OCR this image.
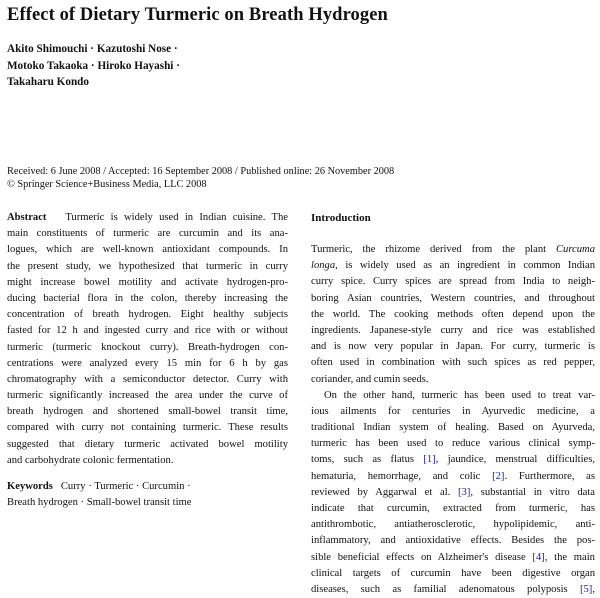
Effect of Dietary Turmeric on Breath Hydrogen
Akito Shimouchi · Kazutoshi Nose ·
Motoko Takaoka · Hiroko Hayashi ·
Takaharu Kondo
Received: 6 June 2008 / Accepted: 16 September 2008 / Published online: 26 November 2008
© Springer Science+Business Media, LLC 2008
Abstract Turmeric is widely used in Indian cuisine. The
main constituents of turmeric are curcumin and its ana-
logues, which are well-known antioxidant compounds. In
the present study, we hypothesized that turmeric in curry
might increase bowel motility and activate hydrogen-pro-
ducing bacterial flora in the colon, thereby increasing the
concentration of breath hydrogen. Eight healthy subjects
fasted for 12 h and ingested curry and rice with or without
turmeric (turmeric knockout curry). Breath-hydrogen con-
centrations were analyzed every 15 min for 6 h by gas
chromatography with a semiconductor detector. Curry with
turmeric significantly increased the area under the curve of
breath hydrogen and shortened small-bowel transit time,
compared with curry not containing turmeric. These results
suggested that dietary turmeric activated bowel motility
and carbohydrate colonic fermentation.
Keywords Curry · Turmeric · Curcumin ·
Breath hydrogen · Small-bowel transit time
Introduction
Turmeric, the rhizome derived from the plant Curcuma
longa, is widely used as an ingredient in common Indian
curry spice. Curry spices are spread from India to neigh-
boring Asian countries, Western countries, and throughout
the world. The cooking methods often depend upon the
ingredients. Japanese-style curry and rice was established
and is now very popular in Japan. For curry, turmeric is
often used in combination with such spices as red pepper,
coriander, and cumin seeds.
On the other hand, turmeric has been used to treat var-
ious ailments for centuries in Ayurvedic medicine, a
traditional Indian system of healing. Based on Ayurveda,
turmeric has been used to reduce various clinical symp-
toms, such as flatus [1], jaundice, menstrual difficulties,
hematuria, hemorrhage, and colic [2]. Furthermore, as
reviewed by Aggarwal et al. [3], substantial in vitro data
indicate that curcumin, extracted from turmeric, has
antithrombotic, antiatherosclerotic, hypolipidemic, anti-
inflammatory, and antioxidative effects. Besides the pos-
sible beneficial effects on Alzheimer's disease [4], the main
clinical targets of curcumin have been digestive organ
diseases, such as familial adenomatous polyposis [5],
